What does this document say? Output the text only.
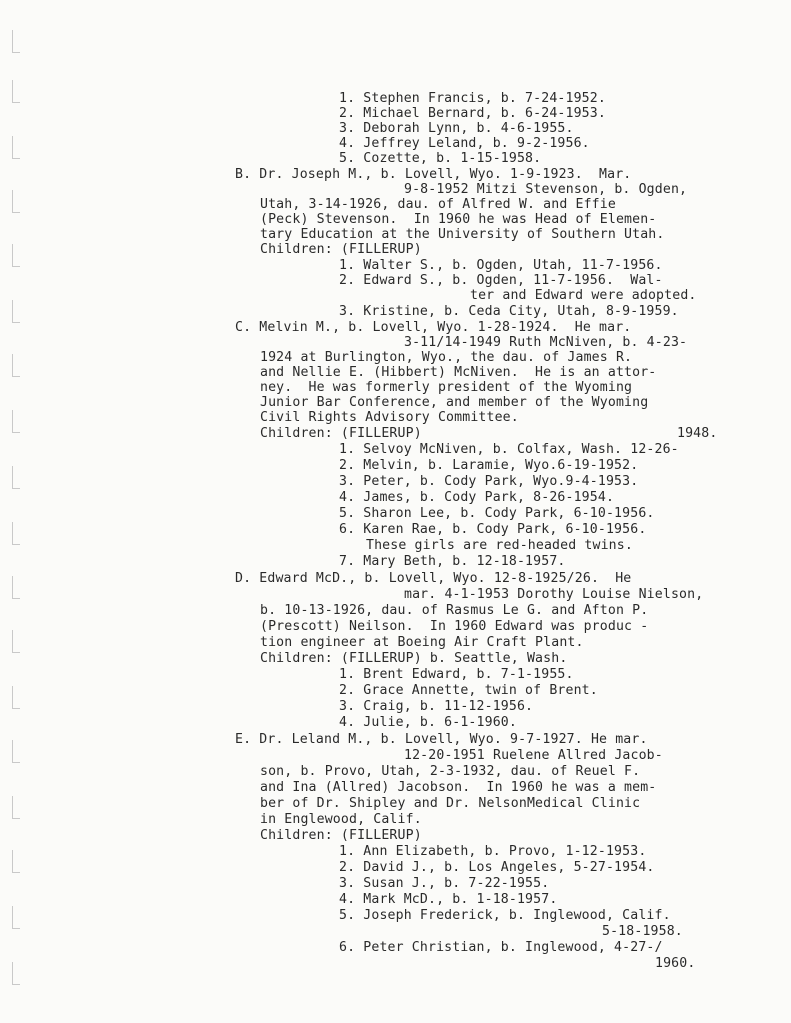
1. Stephen Francis, b. 7-24-1952.
2. Michael Bernard, b. 6-24-1953.
3. Deborah Lynn, b. 4-6-1955.
4. Jeffrey Leland, b. 9-2-1956.
5. Cozette, b. 1-15-1958.
B. Dr. Joseph M., b. Lovell, Wyo. 1-9-1923.  Mar.
9-8-1952 Mitzi Stevenson, b. Ogden,
Utah, 3-14-1926, dau. of Alfred W. and Effie
(Peck) Stevenson.  In 1960 he was Head of Elemen-
tary Education at the University of Southern Utah.
Children: (FILLERUP)
1. Walter S., b. Ogden, Utah, 11-7-1956.
2. Edward S., b. Ogden, 11-7-1956.  Wal-
ter and Edward were adopted.
3. Kristine, b. Ceda City, Utah, 8-9-1959.
C. Melvin M., b. Lovell, Wyo. 1-28-1924.  He mar.
3-11/14-1949 Ruth McNiven, b. 4-23-
1924 at Burlington, Wyo., the dau. of James R.
and Nellie E. (Hibbert) McNiven.  He is an attor-
ney.  He was formerly president of the Wyoming
Junior Bar Conference, and member of the Wyoming
Civil Rights Advisory Committee.
Children: (FILLERUP)	1948.
1. Selvoy McNiven, b. Colfax, Wash. 12-26-
2. Melvin, b. Laramie, Wyo.6-19-1952.
3. Peter, b. Cody Park, Wyo.9-4-1953.
4. James, b. Cody Park, 8-26-1954.
5. Sharon Lee, b. Cody Park, 6-10-1956.
6. Karen Rae, b. Cody Park, 6-10-1956.
These girls are red-headed twins.
7. Mary Beth, b. 12-18-1957.
D. Edward McD., b. Lovell, Wyo. 12-8-1925/26.  He
mar. 4-1-1953 Dorothy Louise Nielson,
b. 10-13-1926, dau. of Rasmus Le G. and Afton P.
(Prescott) Neilson.  In 1960 Edward was produc -
tion engineer at Boeing Air Craft Plant.
Children: (FILLERUP) b. Seattle, Wash.
1. Brent Edward, b. 7-1-1955.
2. Grace Annette, twin of Brent.
3. Craig, b. 11-12-1956.
4. Julie, b. 6-1-1960.
E. Dr. Leland M., b. Lovell, Wyo. 9-7-1927. He mar.
12-20-1951 Ruelene Allred Jacob-
son, b. Provo, Utah, 2-3-1932, dau. of Reuel F.
and Ina (Allred) Jacobson.  In 1960 he was a mem-
ber of Dr. Shipley and Dr. NelsonMedical Clinic
in Englewood, Calif.
Children: (FILLERUP)
1. Ann Elizabeth, b. Provo, 1-12-1953.
2. David J., b. Los Angeles, 5-27-1954.
3. Susan J., b. 7-22-1955.
4. Mark McD., b. 1-18-1957.
5. Joseph Frederick, b. Inglewood, Calif.
5-18-1958.
6. Peter Christian, b. Inglewood, 4-27-/
1960.
